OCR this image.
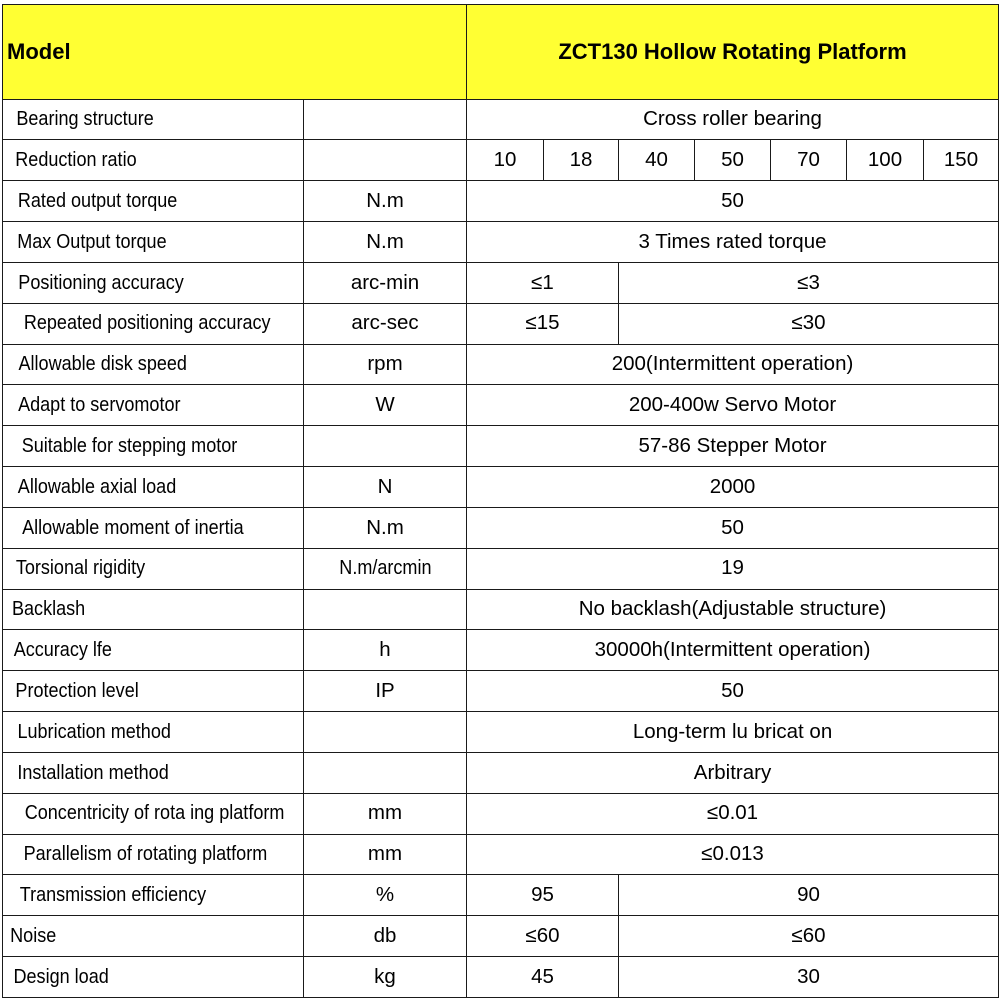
Model		ZCT130 Hollow Rotating Platform						
Bearing structure		Cross roller bearing						
Reduction ratio		10	18	40	50	70	100	150
Rated output torque	N.m	50						
Max Output torque	N.m	3 Times rated torque						
Positioning accuracy	arc-min	≤1		≤3				
Repeated positioning accuracy	arc-sec	≤15		≤30				
Allowable disk speed	rpm	200(Intermittent operation)						
Adapt to servomotor	W	200-400w Servo Motor						
Suitable for stepping motor		57-86 Stepper Motor						
Allowable axial load	N	2000						
Allowable moment of inertia	N.m	50						
Torsional rigidity	N.m/arcmin	19						
Backlash		No backlash(Adjustable structure)						
Accuracy lfe	h	30000h(Intermittent operation)						
Protection level	IP	50						
Lubrication method		Long-term lu bricat on						
Installation method		Arbitrary						
Concentricity of rota ing platform	mm	≤0.01						
Parallelism of rotating platform	mm	≤0.013						
Transmission efficiency	%	95		90				
Noise	db	≤60		≤60				
Design load	kg	45		30				
